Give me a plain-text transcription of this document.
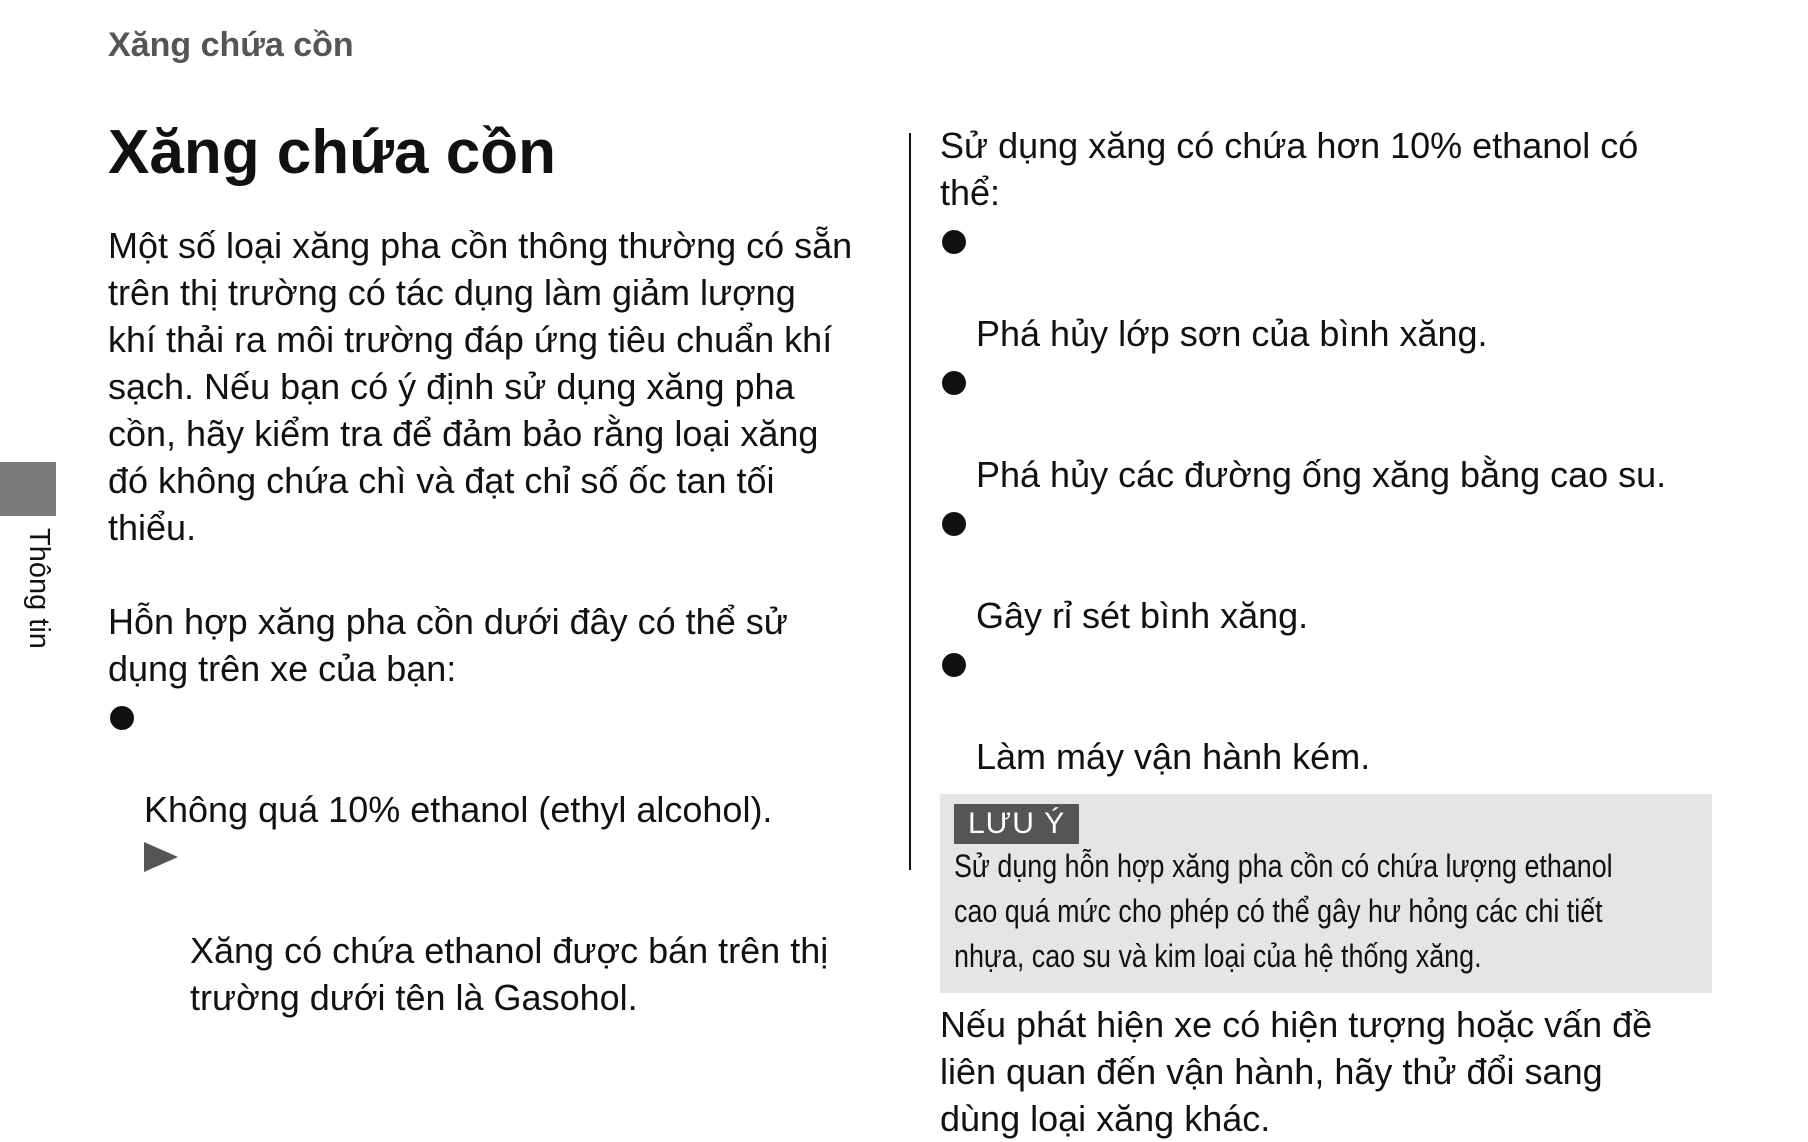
Xăng chứa cồn
Thông tin
Xăng chứa cồn

Một số loại xăng pha cồn thông thường có sẵn
trên thị trường có tác dụng làm giảm lượng
khí thải ra môi trường đáp ứng tiêu chuẩn khí
sạch. Nếu bạn có ý định sử dụng xăng pha
cồn, hãy kiểm tra để đảm bảo rằng loại xăng
đó không chứa chì và đạt chỉ số ốc tan tối
thiểu.

Hỗn hợp xăng pha cồn dưới đây có thể sử
dụng trên xe của bạn:

Không quá 10% ethanol (ethyl alcohol).

Xăng có chứa ethanol được bán trên thị
trường dưới tên là Gasohol.

Sử dụng xăng có chứa hơn 10% ethanol có
thể:

Phá hủy lớp sơn của bình xăng.

Phá hủy các đường ống xăng bằng cao su.

Gây rỉ sét bình xăng.

Làm máy vận hành kém.

LƯU Ý

Sử dụng hỗn hợp xăng pha cồn có chứa lượng ethanol
cao quá mức cho phép có thể gây hư hỏng các chi tiết
nhựa, cao su và kim loại của hệ thống xăng.

Nếu phát hiện xe có hiện tượng hoặc vấn đề
liên quan đến vận hành, hãy thử đổi sang
dùng loại xăng khác.
